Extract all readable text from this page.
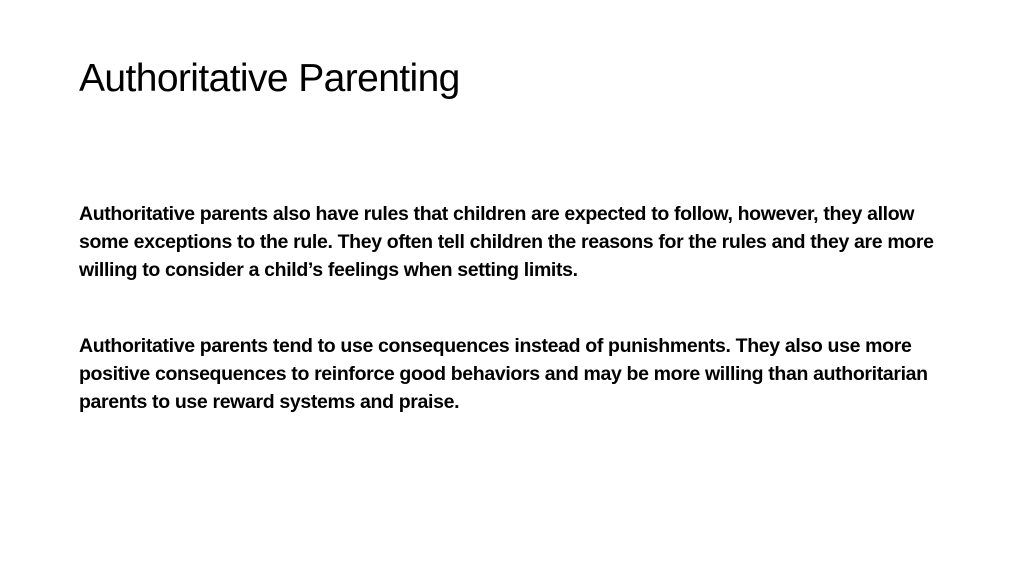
Authoritative Parenting

Authoritative parents also have rules that children are expected to follow, however, they allow some exceptions to the rule. They often tell children the reasons for the rules and they are more willing to consider a child’s feelings when setting limits.

Authoritative parents tend to use consequences instead of punishments. They also use more positive consequences to reinforce good behaviors and may be more willing than authoritarian parents to use reward systems and praise.
